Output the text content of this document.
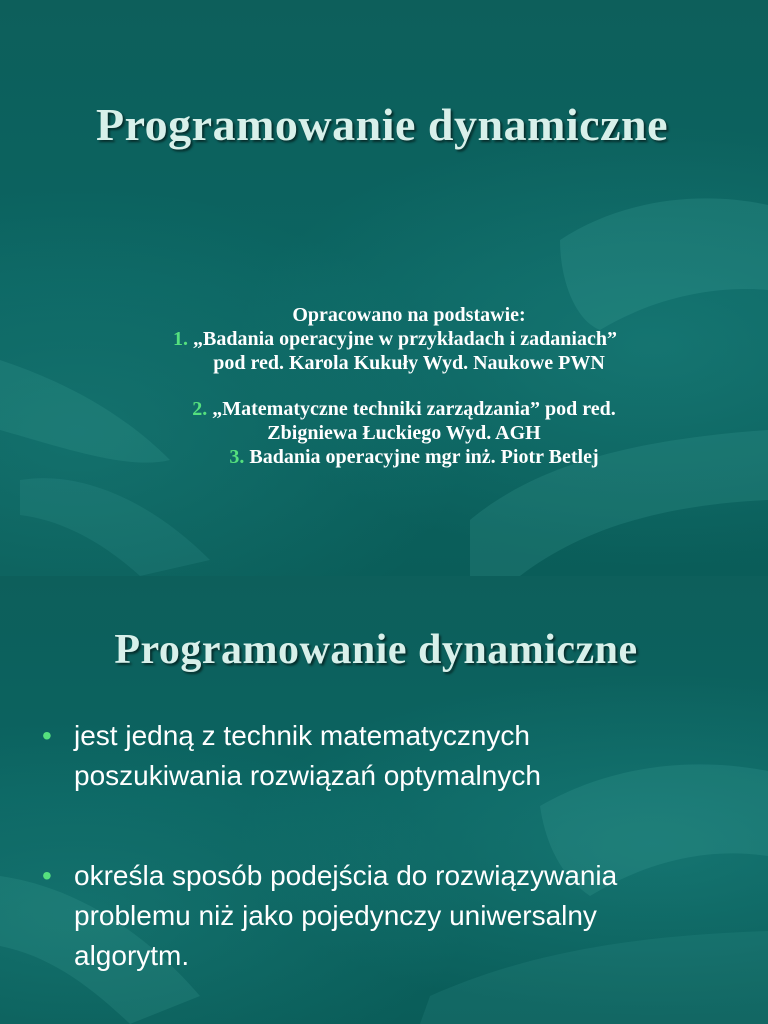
Programowanie dynamiczne
Opracowano na podstawie:
1. „Badania operacyjne w przykładach i zadaniach”
pod red. Karola Kukuły Wyd. Naukowe PWN
2. „Matematyczne techniki zarządzania” pod red.
Zbigniewa Łuckiego Wyd. AGH
3. Badania operacyjne mgr inż. Piotr Betlej
Programowanie dynamiczne
• jest jedną z technik matematycznych
poszukiwania rozwiązań optymalnych
• określa sposób podejścia do rozwiązywania
problemu niż jako pojedynczy uniwersalny
algorytm.
